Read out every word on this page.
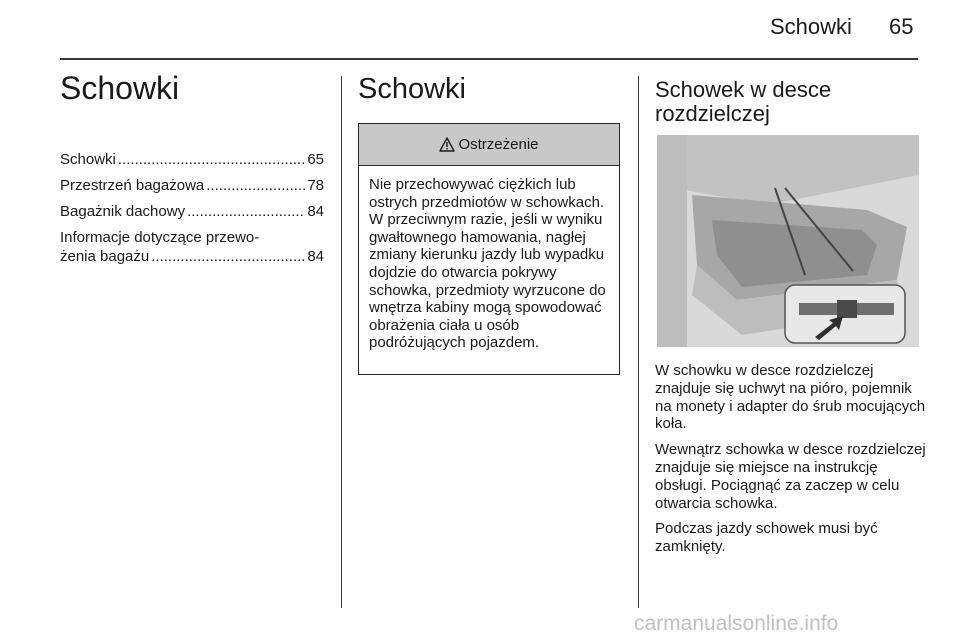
Schowki 65
Schowki
Schowki .....	65
Przestrzeń bagażowa .....	78
Bagażnik dachowy .....	84
Informacje dotyczące przewo-
żenia bagażu .....	84
Schowki
Ostrzeżenie
Nie przechowywać ciężkich lub ostrych przedmiotów w schowkach. W przeciwnym razie, jeśli w wyniku gwałtownego hamowania, nagłej zmiany kierunku jazdy lub wypadku dojdzie do otwarcia pokrywy schowka, przedmioty wyrzucone do wnętrza kabiny mogą spowodować obrażenia ciała u osób podróżujących pojazdem.
Schowek w desce rozdzielczej

W schowku w desce rozdzielczej znajduje się uchwyt na pióro, pojemnik na monety i adapter do śrub mocujących koła.

Wewnątrz schowka w desce rozdzielczej znajduje się miejsce na instrukcję obsługi. Pociągnąć za zaczep w celu otwarcia schowka.

Podczas jazdy schowek musi być zamknięty.

carmanualsonline.info
